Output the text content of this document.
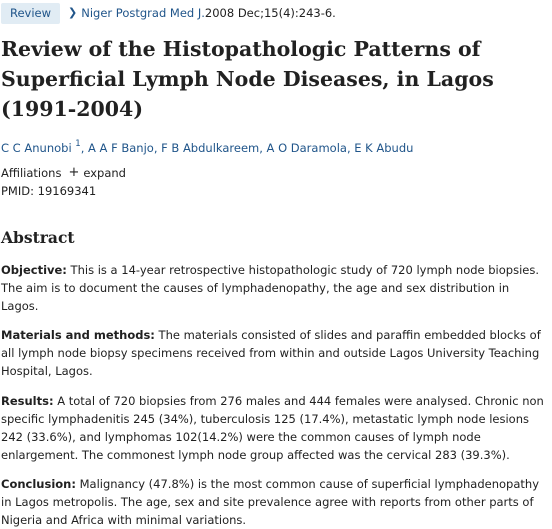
Review	❯ Niger Postgrad Med J. 2008 Dec;15(4):243-6.
Review of the Histopathologic Patterns of Superficial Lymph Node Diseases, in Lagos (1991-2004)
C C Anunobi $^1$, A A F Banjo, F B Abdulkareem, A O Daramola, E K Abudu
Affiliations + expand
PMID: 19169341
Abstract

Objective: This is a 14-year retrospective histopathologic study of 720 lymph node biopsies. The aim is to document the causes of lymphadenopathy, the age and sex distribution in Lagos.

Materials and methods: The materials consisted of slides and paraffin embedded blocks of all lymph node biopsy specimens received from within and outside Lagos University Teaching Hospital, Lagos.

Results: A total of 720 biopsies from 276 males and 444 females were analysed. Chronic non specific lymphadenitis 245 (34%), tuberculosis 125 (17.4%), metastatic lymph node lesions 242 (33.6%), and lymphomas 102(14.2%) were the common causes of lymph node enlargement. The commonest lymph node group affected was the cervical 283 (39.3%).

Conclusion: Malignancy (47.8%) is the most common cause of superficial lymphadenopathy in Lagos metropolis. The age, sex and site prevalence agree with reports from other parts of Nigeria and Africa with minimal variations.
